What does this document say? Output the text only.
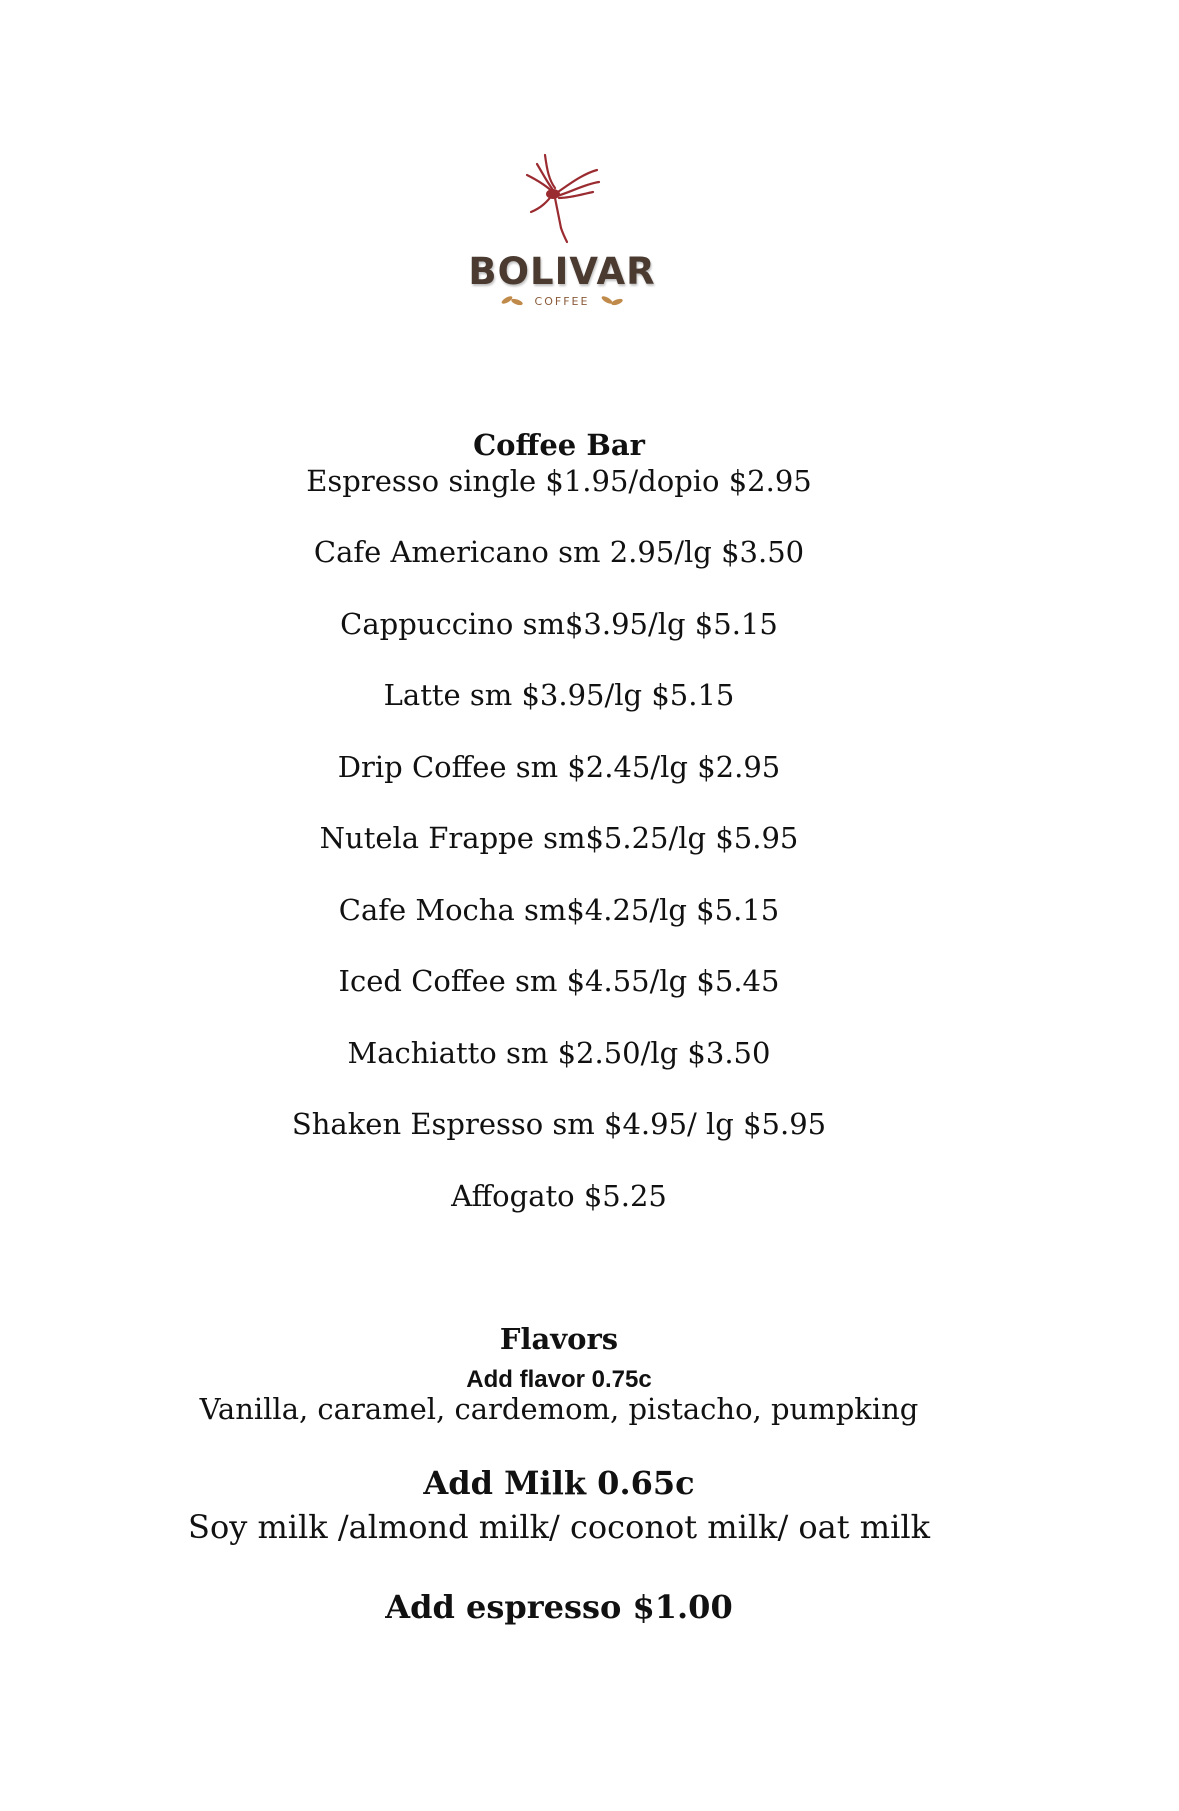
BOLIVAR
COFFEE
Coffee Bar
Espresso single $1.95/dopio $2.95
Cafe Americano sm 2.95/lg $3.50
Cappuccino sm$3.95/lg $5.15
Latte sm $3.95/lg $5.15
Drip Coffee sm $2.45/lg $2.95
Nutela Frappe sm$5.25/lg $5.95
Cafe Mocha sm$4.25/lg $5.15
Iced Coffee sm $4.55/lg $5.45
Machiatto sm $2.50/lg $3.50
Shaken Espresso sm $4.95/ lg $5.95
Affogato $5.25
Flavors
Add flavor 0.75c
Vanilla, caramel, cardemom, pistacho, pumpking
Add Milk 0.65c
Soy milk /almond milk/ coconot milk/ oat milk
Add espresso $1.00
